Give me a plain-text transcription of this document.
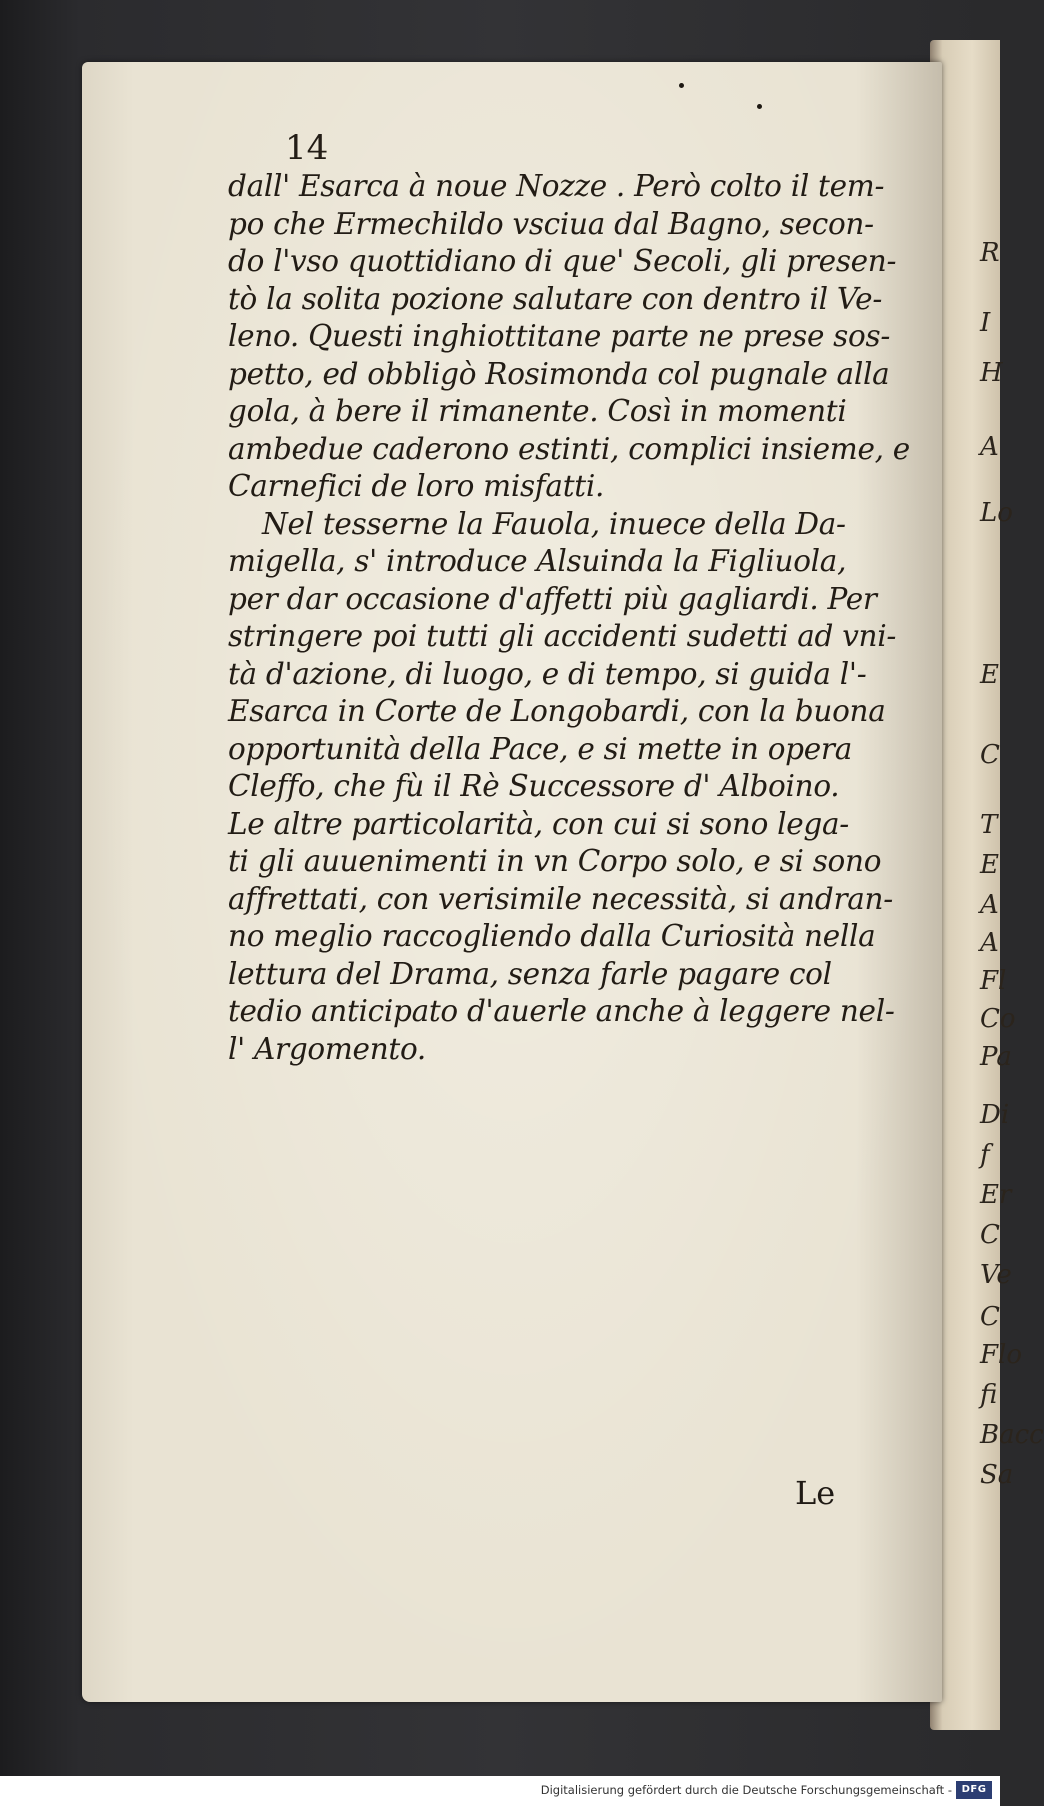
R
I
H
A
Lo
E
C
T
E
A
A
Fl
Co
Pa
Di
f
Er
C
Ve
C
Flo
fi
Bacc
Sa
14
dall' Esarca à noue Nozze . Però colto il tem-
po che Ermechildo vsciua dal Bagno, secon-
do l'vso quottidiano di que' Secoli, gli presen-
tò la solita pozione salutare con dentro il Ve-
leno. Questi inghiottitane parte ne prese sos-
petto, ed obbligò Rosimonda col pugnale alla
gola, à bere il rimanente. Così in momenti
ambedue caderono estinti, complici insieme, e
Carnefici de loro misfatti.
Nel tesserne la Fauola, inuece della Da-
migella, s' introduce Alsuinda la Figliuola,
per dar occasione d'affetti più gagliardi. Per
stringere poi tutti gli accidenti sudetti ad vni-
tà d'azione, di luogo, e di tempo, si guida l'-
Esarca in Corte de Longobardi, con la buona
opportunità della Pace, e si mette in opera
Cleffo, che fù il Rè Successore d' Alboino.
Le altre particolarità, con cui si sono lega-
ti gli auuenimenti in vn Corpo solo, e si sono
affrettati, con verisimile necessità, si andran-
no meglio raccogliendo dalla Curiosità nella
lettura del Drama, senza farle pagare col
tedio anticipato d'auerle anche à leggere nel-
l' Argomento.
Le
Digitalisierung gefördert durch die Deutsche Forschungsgemeinschaft - DFG
